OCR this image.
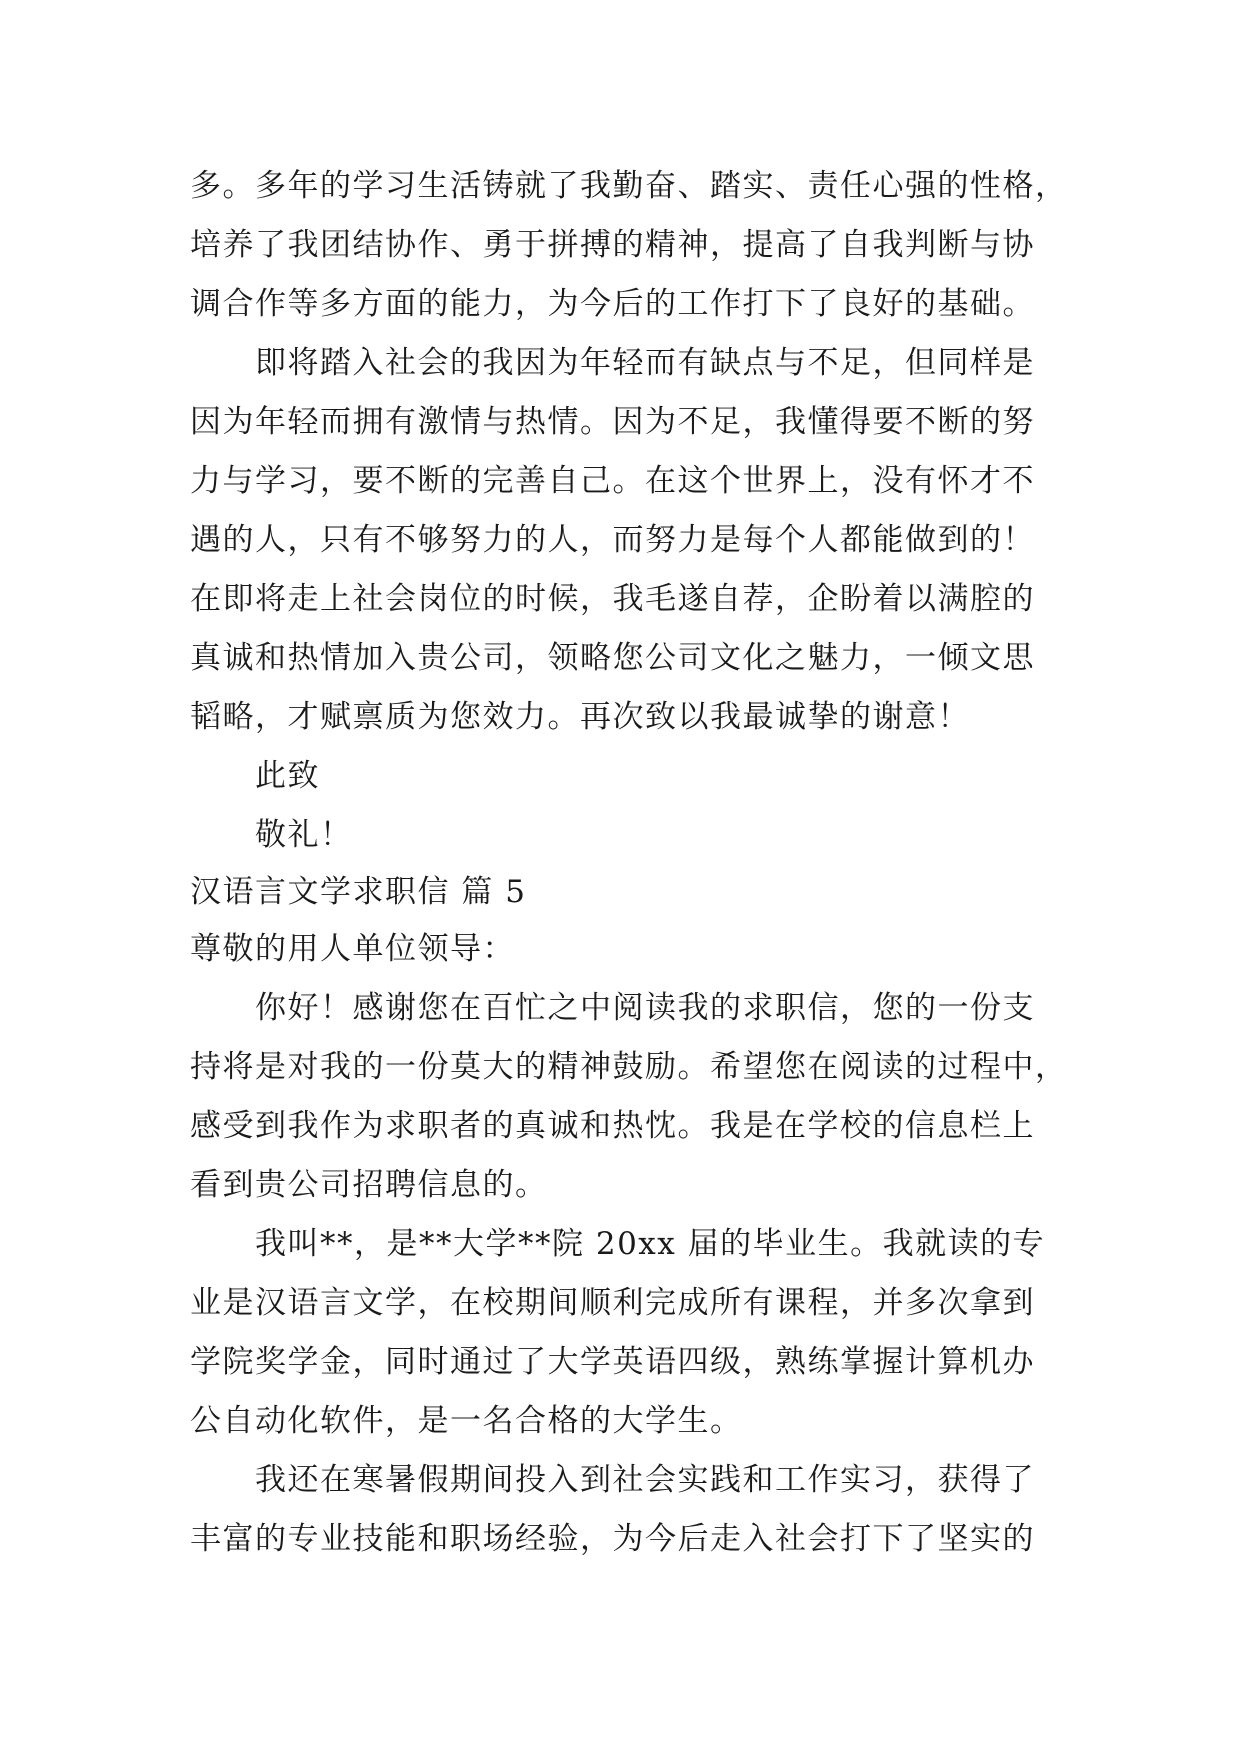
多。多年的学习生活铸就了我勤奋、踏实、责任心强的性格，
培养了我团结协作、勇于拼搏的精神，提高了自我判断与协
调合作等多方面的能力，为今后的工作打下了良好的基础。
即将踏入社会的我因为年轻而有缺点与不足，但同样是
因为年轻而拥有激情与热情。因为不足，我懂得要不断的努
力与学习，要不断的完善自己。在这个世界上，没有怀才不
遇的人，只有不够努力的人，而努力是每个人都能做到的！
在即将走上社会岗位的时候，我毛遂自荐，企盼着以满腔的
真诚和热情加入贵公司，领略您公司文化之魅力，一倾文思
韬略，才赋禀质为您效力。再次致以我最诚挚的谢意！
此致
敬礼！
汉语言文学求职信 篇 5
尊敬的用人单位领导：
你好！感谢您在百忙之中阅读我的求职信，您的一份支
持将是对我的一份莫大的精神鼓励。希望您在阅读的过程中，
感受到我作为求职者的真诚和热忱。我是在学校的信息栏上
看到贵公司招聘信息的。
我叫**，是**大学**院 20xx 届的毕业生。我就读的专
业是汉语言文学，在校期间顺利完成所有课程，并多次拿到
学院奖学金，同时通过了大学英语四级，熟练掌握计算机办
公自动化软件，是一名合格的大学生。
我还在寒暑假期间投入到社会实践和工作实习，获得了
丰富的专业技能和职场经验，为今后走入社会打下了坚实的
